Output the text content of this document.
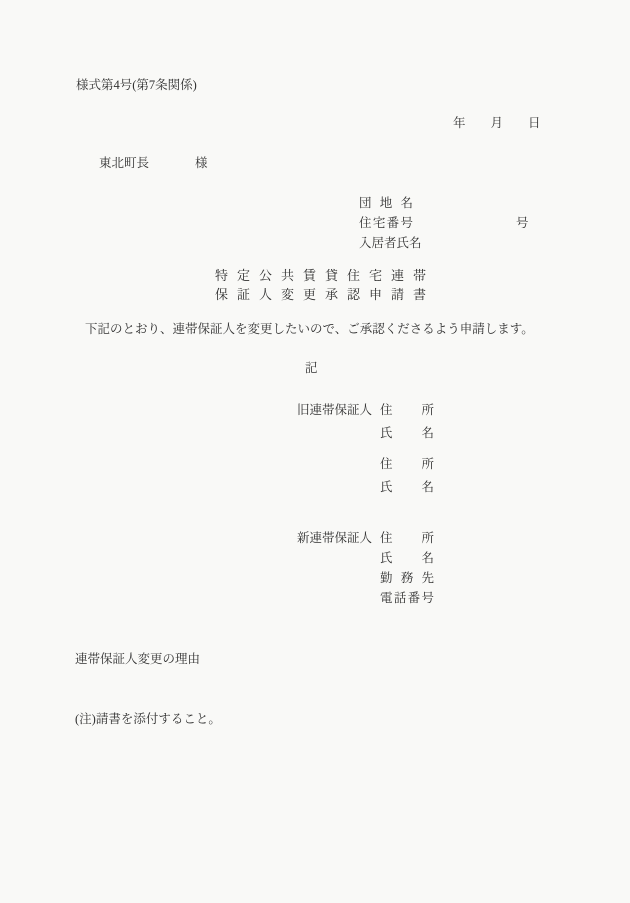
様式第4号(第7条関係)
年　　月　　日
東北町長	様
団地名
住宅番号	号
入居者氏名
特定公共賃貸住宅連帯
保証人変更承認申請書
下記のとおり、連帯保証人を変更したいので、ご承認くださるよう申請します。
記
旧連帯保証人 住所
氏名
住所
氏名
新連帯保証人 住所
氏名
勤務先
電話番号
連帯保証人変更の理由
(注)請書を添付すること。
